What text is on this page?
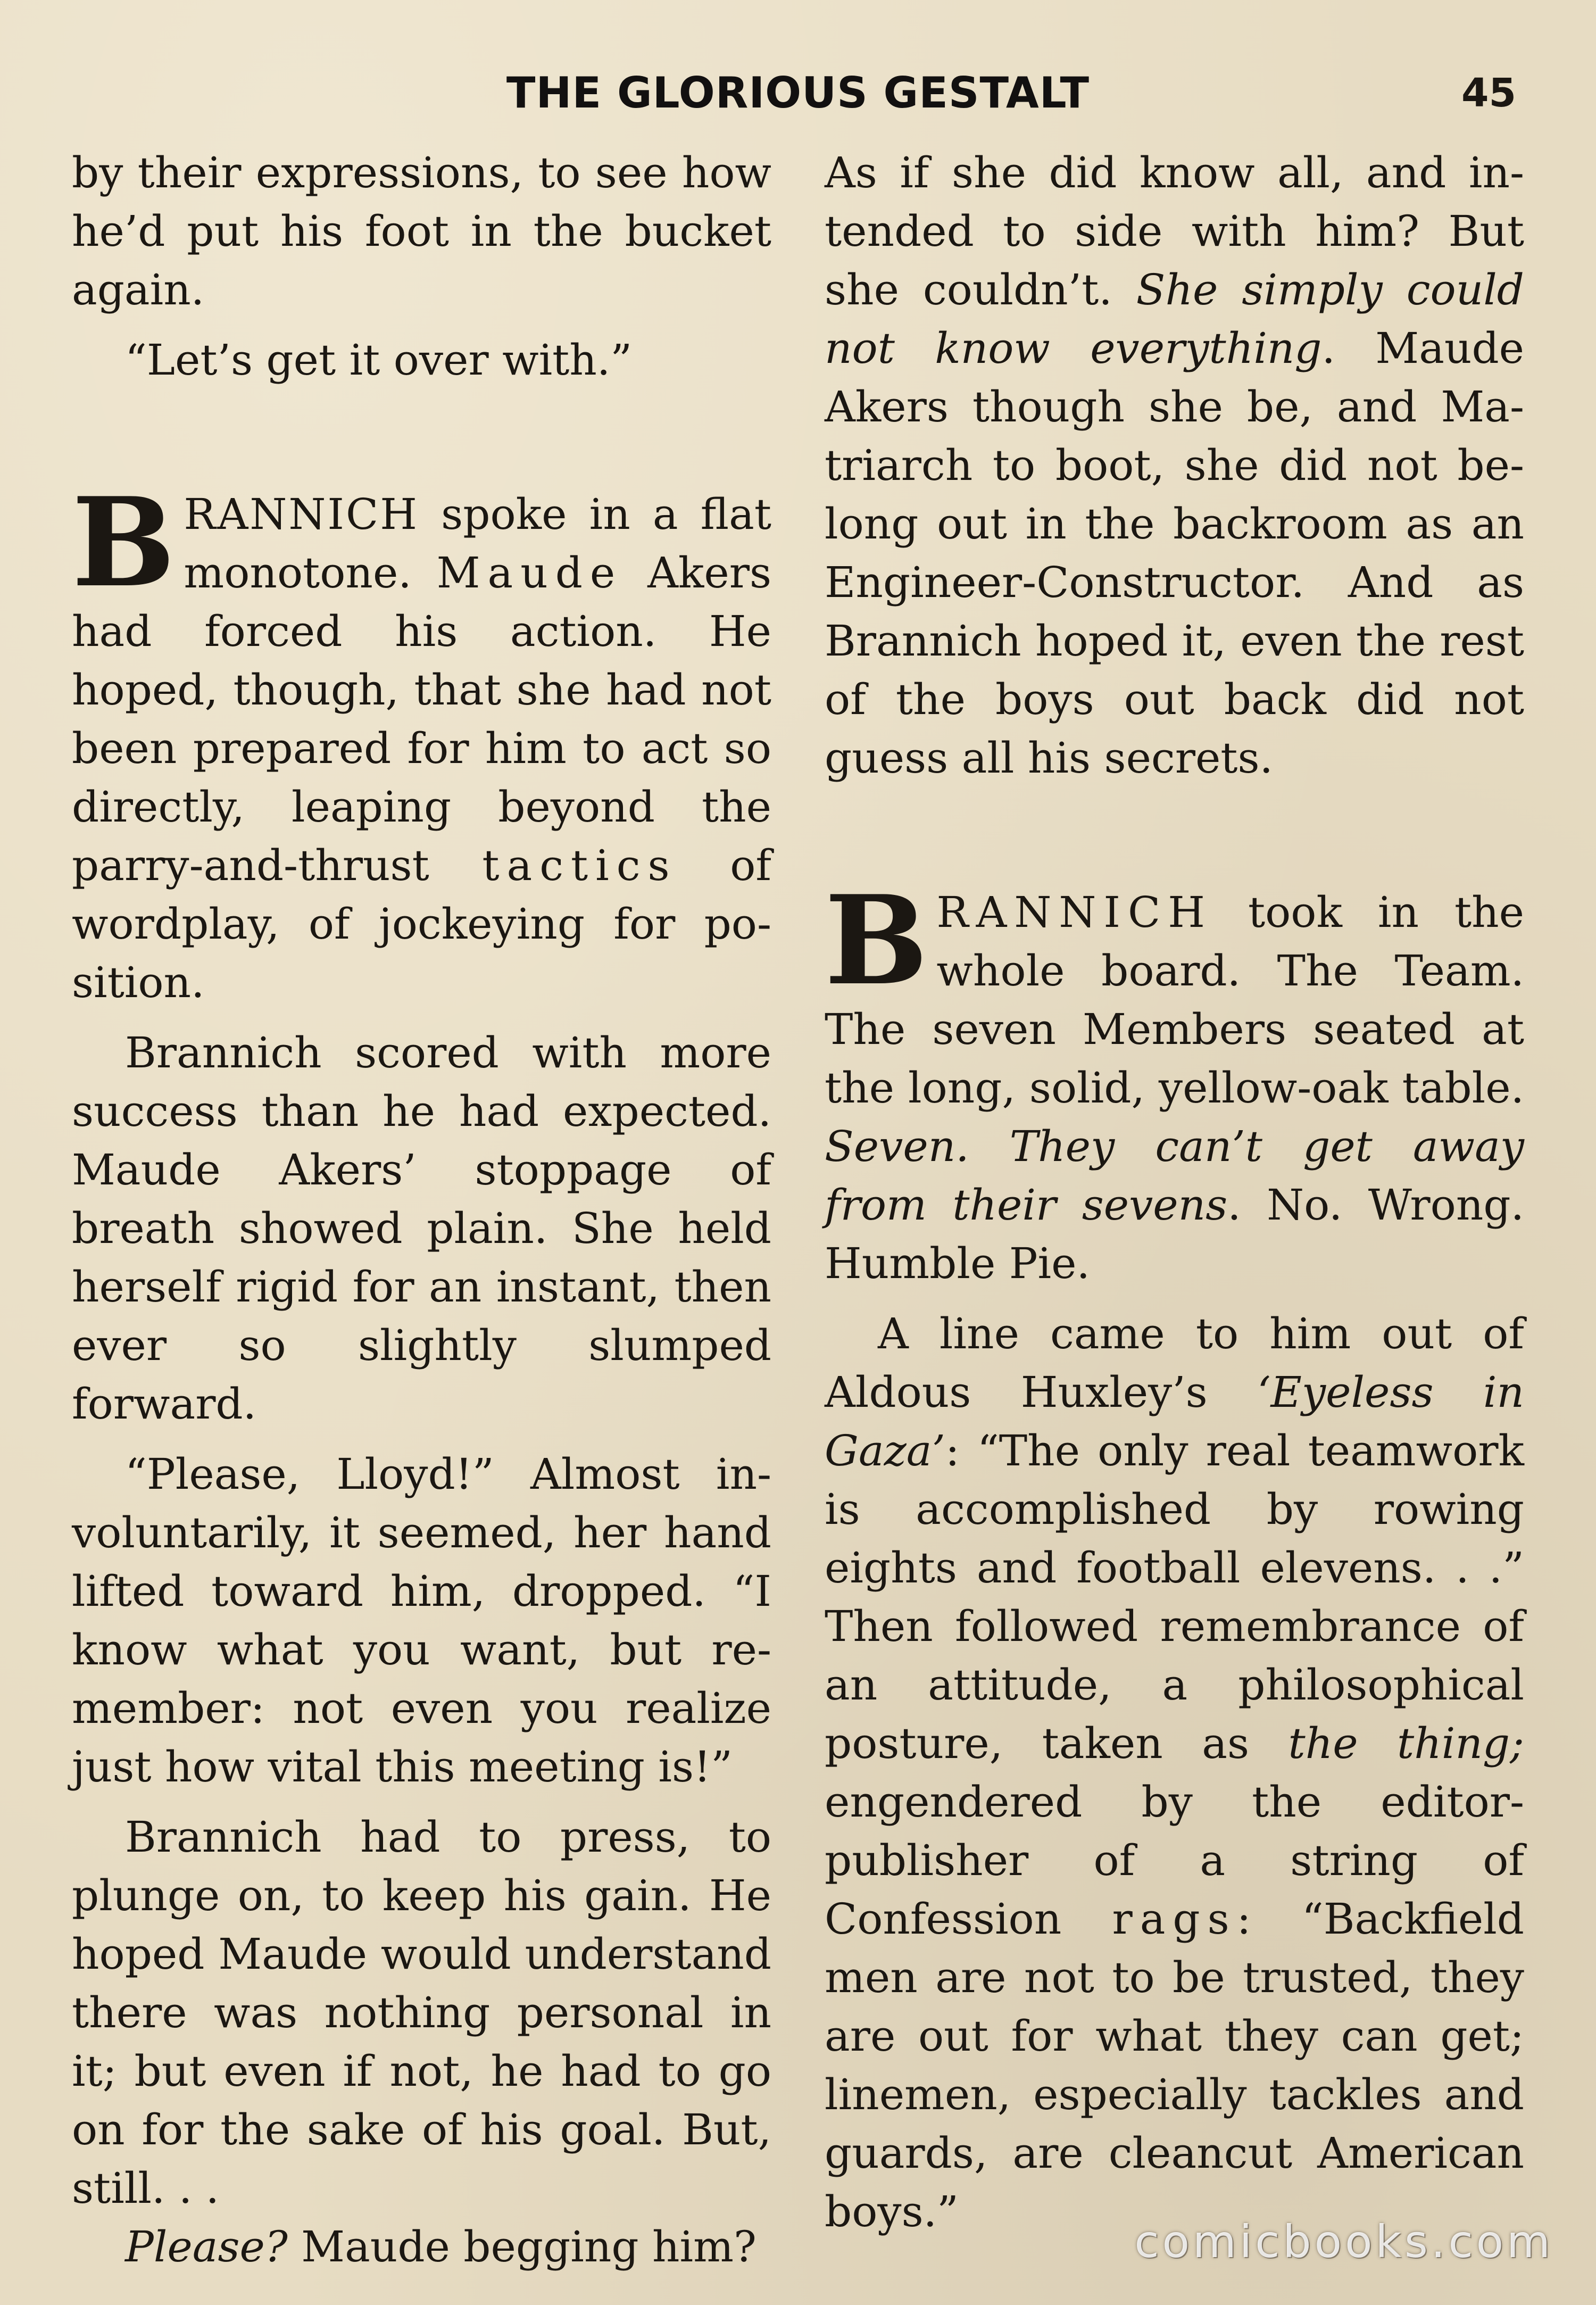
THE GLORIOUS GESTALT	45

by their expressions, to see how he’d put his foot in the bucket again.

“Let’s get it over with.”

BRANNICH spoke in a flat monotone. Maude Akers had forced his action. He hoped, though, that she had not been prepared for him to act so directly, leaping beyond the parry-and-thrust tactics of wordplay, of jockeying for position.

Brannich scored with more success than he had expected. Maude Akers’ stoppage of breath showed plain. She held herself rigid for an instant, then ever so slightly slumped forward.

“Please, Lloyd!” Almost involuntarily, it seemed, her hand lifted toward him, dropped. “I know what you want, but remember: not even you realize just how vital this meeting is!”

Brannich had to press, to plunge on, to keep his gain. He hoped Maude would understand there was nothing personal in it; but even if not, he had to go on for the sake of his goal. But, still. . .

Please? Maude begging him?

As if she did know all, and intended to side with him? But she couldn’t. She simply could not know everything. Maude Akers though she be, and Matriarch to boot, she did not belong out in the backroom as an Engineer-Constructor. And as Brannich hoped it, even the rest of the boys out back did not guess all his secrets.

BRANNICH took in the whole board. The Team. The seven Members seated at the long, solid, yellow-oak table. Seven. They can’t get away from their sevens. No. Wrong. Humble Pie.

A line came to him out of Aldous Huxley’s ‘Eyeless in Gaza’: “The only real teamwork is accomplished by rowing eights and football elevens. . .” Then followed remembrance of an attitude, a philosophical posture, taken as the thing; engendered by the editor-publisher of a string of Confession rags: “Backfield men are not to be trusted, they are out for what they can get; linemen, especially tackles and guards, are cleancut American boys.”

comicbooks.com
